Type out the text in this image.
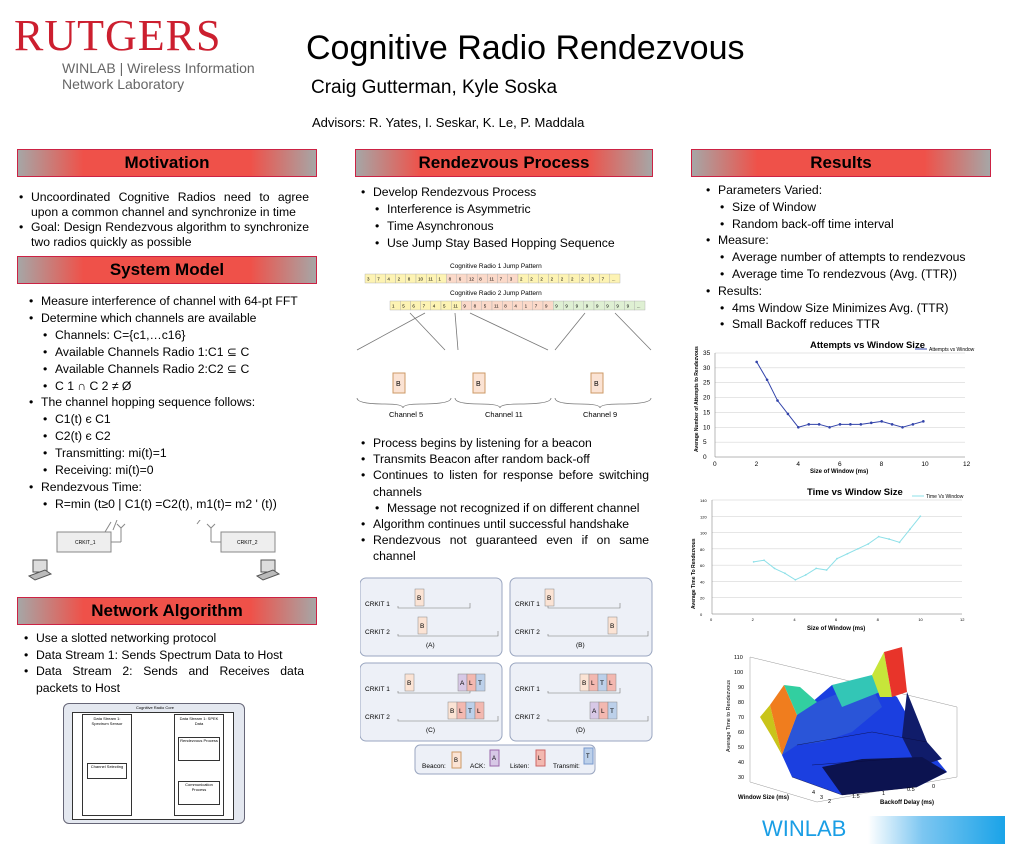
RUTGERS
WINLAB | Wireless Information
Network Laboratory
Cognitive Radio Rendezvous
Craig Gutterman, Kyle Soska
Advisors: R. Yates, I. Seskar, K. Le, P. Maddala
Motivation
• Uncoordinated Cognitive Radios need to agree upon a common channel and synchronize in time
• Goal: Design Rendezvous algorithm to synchronize two radios quickly as possible
System Model
• Measure interference of channel with 64-pt FFT
• Determine which channels are available
• Channels: C={c1,…c16}
• Available Channels Radio 1:C1 ⊆ C
• Available Channels Radio 2:C2 ⊆ C
• C 1 ∩ C 2 ≠ Ø
• The channel hopping sequence follows:
• C1(t) є C1
• C2(t) є C2
• Transmitting: mi(t)=1
• Receiving: mi(t)=0
• Rendezvous Time:
• R=min (t≥0 | C1(t) =C2(t), m1(t)= m2 ' (t))
CRKIT_1	CRKIT_2
Network Algorithm
• Use a slotted networking protocol
• Data Stream 1: Sends Spectrum Data to Host
• Data Stream 2: Sends and Receives data packets to Host
Cognitive Radio Core
Data Stream 1: Spectrum Sensor
Channel Selecting
Data Stream 1: SPEK Data
Rendezvous Process
Communication Process
Rendezvous Process
• Develop Rendezvous Process
• Interference is Asymmetric
• Time Asynchronous
• Use Jump Stay Based Hopping Sequence
Cognitive Radio 1 Jump Pattern
3 7 4 2 8 10 11 1 8 6 12 8 11 7 3 2 2 2 2 2 2 2 3 7 ...
Cognitive Radio 2 Jump Pattern
1 5 6 7 4 5 11 9 8 5 11 8 4 1 7 9 9 9 9 9 9 9 9 9 ...
B	B	B
Channel 5	Channel 11	Channel 9
• Process begins by listening for a beacon
• Transmits Beacon after random back-off
• Continues to listen for response before switching channels
• Message not recognized if on different channel
• Algorithm continues until successful handshake
• Rendezvous not guaranteed even if on same channel
CRKIT 1
CRKIT 2
B
B
(A)
CRKIT 1
CRKIT 2
B
B
(B)
CRKIT 1
CRKIT 2
B	A L T
B L T L
(C)
CRKIT 1
CRKIT 2
B L T L
A L T
(D)
Beacon:
B
ACK:
A
Listen:
L
Transmit:
T
Results
• Parameters Varied:
• Size of Window
• Random back-off time interval
• Measure:
• Average number of attempts to rendezvous
• Average time To rendezvous (Avg. (TTR))
• Results:
• 4ms Window Size Minimizes Avg. (TTR)
• Small Backoff reduces TTR
Attempts vs Window Size
0
5
10
15
20
25
30
35
0	2	4	6	8	10	12
Size of Window (ms)
Average Number of Attempts to Rendezvous	Attempts vs Window
Time vs Window Size
0
20
40
60
80
100
120
140
0	2	4	6	8	10	12
Size of Window (ms)
Average Time To Rendezvous
Time Vs Window
110
100
90
80
70
60
50
40
30
Average Time to Rendezvous
4
3
2
1.5	1
0.5	0
Window Size (ms)
Backoff Delay (ms)
WINLAB
